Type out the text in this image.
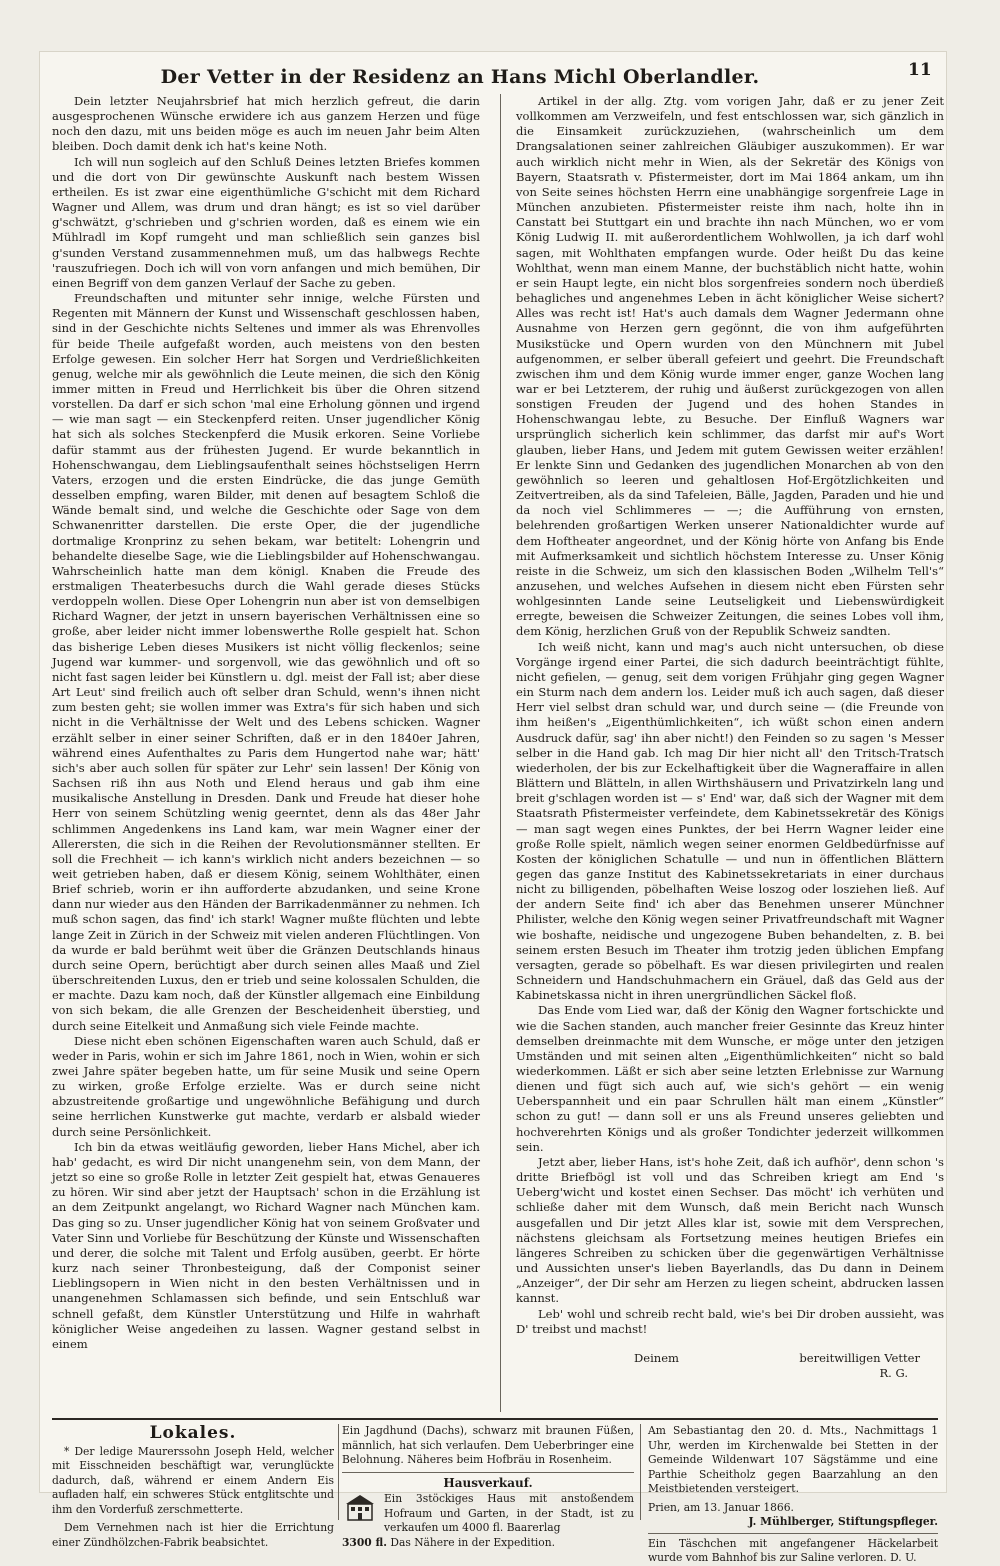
11
Der Vetter in der Residenz an Hans Michl Oberlandler.

Dein letzter Neujahrsbrief hat mich herzlich gefreut, die darin ausgesprochenen Wünsche erwidere ich aus ganzem Herzen und füge noch den dazu, mit uns beiden möge es auch im neuen Jahr beim Alten bleiben. Doch damit denk ich hat's keine Noth.

Ich will nun sogleich auf den Schluß Deines letzten Briefes kommen und die dort von Dir gewünschte Auskunft nach bestem Wissen ertheilen. Es ist zwar eine eigenthümliche G'schicht mit dem Richard Wagner und Allem, was drum und dran hängt; es ist so viel darüber g'schwätzt, g'schrieben und g'schrien worden, daß es einem wie ein Mühlradl im Kopf rumgeht und man schließlich sein ganzes bisl g'sunden Verstand zusammennehmen muß, um das halbwegs Rechte 'rauszufriegen. Doch ich will von vorn anfangen und mich bemühen, Dir einen Begriff von dem ganzen Verlauf der Sache zu geben.

Freundschaften und mitunter sehr innige, welche Fürsten und Regenten mit Männern der Kunst und Wissenschaft geschlossen haben, sind in der Geschichte nichts Seltenes und immer als was Ehrenvolles für beide Theile aufgefaßt worden, auch meistens von den besten Erfolge gewesen. Ein solcher Herr hat Sorgen und Verdrießlichkeiten genug, welche mir als gewöhnlich die Leute meinen, die sich den König immer mitten in Freud und Herrlichkeit bis über die Ohren sitzend vorstellen. Da darf er sich schon 'mal eine Erholung gönnen und irgend — wie man sagt — ein Steckenpferd reiten. Unser jugendlicher König hat sich als solches Steckenpferd die Musik erkoren. Seine Vorliebe dafür stammt aus der frühesten Jugend. Er wurde bekanntlich in Hohenschwangau, dem Lieblingsaufenthalt seines höchstseligen Herrn Vaters, erzogen und die ersten Eindrücke, die das junge Gemüth desselben empfing, waren Bilder, mit denen auf besagtem Schloß die Wände bemalt sind, und welche die Geschichte oder Sage von dem Schwanenritter darstellen. Die erste Oper, die der jugendliche dortmalige Kronprinz zu sehen bekam, war betitelt: Lohengrin und behandelte dieselbe Sage, wie die Lieblingsbilder auf Hohenschwangau. Wahrscheinlich hatte man dem königl. Knaben die Freude des erstmaligen Theaterbesuchs durch die Wahl gerade dieses Stücks verdoppeln wollen. Diese Oper Lohengrin nun aber ist von demselbigen Richard Wagner, der jetzt in unsern bayerischen Verhältnissen eine so große, aber leider nicht immer lobenswerthe Rolle gespielt hat. Schon das bisherige Leben dieses Musikers ist nicht völlig fleckenlos; seine Jugend war kummer- und sorgenvoll, wie das gewöhnlich und oft so nicht fast sagen leider bei Künstlern u. dgl. meist der Fall ist; aber diese Art Leut' sind freilich auch oft selber dran Schuld, wenn's ihnen nicht zum besten geht; sie wollen immer was Extra's für sich haben und sich nicht in die Verhältnisse der Welt und des Lebens schicken. Wagner erzählt selber in einer seiner Schriften, daß er in den 1840er Jahren, während eines Aufenthaltes zu Paris dem Hungertod nahe war; hätt' sich's aber auch sollen für später zur Lehr' sein lassen! Der König von Sachsen riß ihn aus Noth und Elend heraus und gab ihm eine musikalische Anstellung in Dresden. Dank und Freude hat dieser hohe Herr von seinem Schützling wenig geerntet, denn als das 48er Jahr schlimmen Angedenkens ins Land kam, war mein Wagner einer der Allerersten, die sich in die Reihen der Revolutionsmänner stellten. Er soll die Frechheit — ich kann's wirklich nicht anders bezeichnen — so weit getrieben haben, daß er diesem König, seinem Wohlthäter, einen Brief schrieb, worin er ihn aufforderte abzudanken, und seine Krone dann nur wieder aus den Händen der Barrikadenmänner zu nehmen. Ich muß schon sagen, das find' ich stark! Wagner mußte flüchten und lebte lange Zeit in Zürich in der Schweiz mit vielen anderen Flüchtlingen. Von da wurde er bald berühmt weit über die Gränzen Deutschlands hinaus durch seine Opern, berüchtigt aber durch seinen alles Maaß und Ziel überschreitenden Luxus, den er trieb und seine kolossalen Schulden, die er machte. Dazu kam noch, daß der Künstler allgemach eine Einbildung von sich bekam, die alle Grenzen der Bescheidenheit überstieg, und durch seine Eitelkeit und Anmaßung sich viele Feinde machte.

Diese nicht eben schönen Eigenschaften waren auch Schuld, daß er weder in Paris, wohin er sich im Jahre 1861, noch in Wien, wohin er sich zwei Jahre später begeben hatte, um für seine Musik und seine Opern zu wirken, große Erfolge erzielte. Was er durch seine nicht abzustreitende großartige und ungewöhnliche Befähigung und durch seine herrlichen Kunstwerke gut machte, verdarb er alsbald wieder durch seine Persönlichkeit.

Ich bin da etwas weitläufig geworden, lieber Hans Michel, aber ich hab' gedacht, es wird Dir nicht unangenehm sein, von dem Mann, der jetzt so eine so große Rolle in letzter Zeit gespielt hat, etwas Genaueres zu hören. Wir sind aber jetzt der Hauptsach' schon in die Erzählung ist an dem Zeitpunkt angelangt, wo Richard Wagner nach München kam. Das ging so zu. Unser jugendlicher König hat von seinem Großvater und Vater Sinn und Vorliebe für Beschützung der Künste und Wissenschaften und derer, die solche mit Talent und Erfolg ausüben, geerbt. Er hörte kurz nach seiner Thronbesteigung, daß der Componist seiner Lieblingsopern in Wien nicht in den besten Verhältnissen und in unangenehmen Schlamassen sich befinde, und sein Entschluß war schnell gefaßt, dem Künstler Unterstützung und Hilfe in wahrhaft königlicher Weise angedeihen zu lassen. Wagner gestand selbst in einem

Artikel in der allg. Ztg. vom vorigen Jahr, daß er zu jener Zeit vollkommen am Verzweifeln, und fest entschlossen war, sich gänzlich in die Einsamkeit zurückzuziehen, (wahrscheinlich um dem Drangsalationen seiner zahlreichen Gläubiger auszukommen). Er war auch wirklich nicht mehr in Wien, als der Sekretär des Königs von Bayern, Staatsrath v. Pfistermeister, dort im Mai 1864 ankam, um ihn von Seite seines höchsten Herrn eine unabhängige sorgenfreie Lage in München anzubieten. Pfistermeister reiste ihm nach, holte ihn in Canstatt bei Stuttgart ein und brachte ihn nach München, wo er vom König Ludwig II. mit außerordentlichem Wohlwollen, ja ich darf wohl sagen, mit Wohlthaten empfangen wurde. Oder heißt Du das keine Wohlthat, wenn man einem Manne, der buchstäblich nicht hatte, wohin er sein Haupt legte, ein nicht blos sorgenfreies sondern noch überdieß behagliches und angenehmes Leben in ächt königlicher Weise sichert? Alles was recht ist! Hat's auch damals dem Wagner Jedermann ohne Ausnahme von Herzen gern gegönnt, die von ihm aufgeführten Musikstücke und Opern wurden von den Münchnern mit Jubel aufgenommen, er selber überall gefeiert und geehrt. Die Freundschaft zwischen ihm und dem König wurde immer enger, ganze Wochen lang war er bei Letzterem, der ruhig und äußerst zurückgezogen von allen sonstigen Freuden der Jugend und des hohen Standes in Hohenschwangau lebte, zu Besuche. Der Einfluß Wagners war ursprünglich sicherlich kein schlimmer, das darfst mir auf's Wort glauben, lieber Hans, und Jedem mit gutem Gewissen weiter erzählen! Er lenkte Sinn und Gedanken des jugendlichen Monarchen ab von den gewöhnlich so leeren und gehaltlosen Hof-Ergötzlichkeiten und Zeitvertreiben, als da sind Tafeleien, Bälle, Jagden, Paraden und hie und da noch viel Schlimmeres — —; die Aufführung von ernsten, belehrenden großartigen Werken unserer Nationaldichter wurde auf dem Hoftheater angeordnet, und der König hörte von Anfang bis Ende mit Aufmerksamkeit und sichtlich höchstem Interesse zu. Unser König reiste in die Schweiz, um sich den klassischen Boden „Wilhelm Tell's“ anzusehen, und welches Aufsehen in diesem nicht eben Fürsten sehr wohlgesinnten Lande seine Leutseligkeit und Liebenswürdigkeit erregte, beweisen die Schweizer Zeitungen, die seines Lobes voll ihm, dem König, herzlichen Gruß von der Republik Schweiz sandten.

Ich weiß nicht, kann und mag's auch nicht untersuchen, ob diese Vorgänge irgend einer Partei, die sich dadurch beeinträchtigt fühlte, nicht gefielen, — genug, seit dem vorigen Frühjahr ging gegen Wagner ein Sturm nach dem andern los. Leider muß ich auch sagen, daß dieser Herr viel selbst dran schuld war, und durch seine — (die Freunde von ihm heißen's „Eigenthümlichkeiten“, ich wüßt schon einen andern Ausdruck dafür, sag' ihn aber nicht!) den Feinden so zu sagen 's Messer selber in die Hand gab. Ich mag Dir hier nicht all' den Tritsch-Tratsch wiederholen, der bis zur Eckelhaftigkeit über die Wagneraffaire in allen Blättern und Blätteln, in allen Wirthshäusern und Privatzirkeln lang und breit g'schlagen worden ist — s' End' war, daß sich der Wagner mit dem Staatsrath Pfistermeister verfeindete, dem Kabinetssekretär des Königs — man sagt wegen eines Punktes, der bei Herrn Wagner leider eine große Rolle spielt, nämlich wegen seiner enormen Geldbedürfnisse auf Kosten der königlichen Schatulle — und nun in öffentlichen Blättern gegen das ganze Institut des Kabinetssekretariats in einer durchaus nicht zu billigenden, pöbelhaften Weise loszog oder losziehen ließ. Auf der andern Seite find' ich aber das Benehmen unserer Münchner Philister, welche den König wegen seiner Privatfreundschaft mit Wagner wie boshafte, neidische und ungezogene Buben behandelten, z. B. bei seinem ersten Besuch im Theater ihm trotzig jeden üblichen Empfang versagten, gerade so pöbelhaft. Es war diesen privilegirten und realen Schneidern und Handschuhmachern ein Gräuel, daß das Geld aus der Kabinetskassa nicht in ihren unergründlichen Säckel floß.

Das Ende vom Lied war, daß der König den Wagner fortschickte und wie die Sachen standen, auch mancher freier Gesinnte das Kreuz hinter demselben dreinmachte mit dem Wunsche, er möge unter den jetzigen Umständen und mit seinen alten „Eigenthümlichkeiten“ nicht so bald wiederkommen. Läßt er sich aber seine letzten Erlebnisse zur Warnung dienen und fügt sich auch auf, wie sich's gehört — ein wenig Ueberspannheit und ein paar Schrullen hält man einem „Künstler“ schon zu gut! — dann soll er uns als Freund unseres geliebten und hochverehrten Königs und als großer Tondichter jederzeit willkommen sein.

Jetzt aber, lieber Hans, ist's hohe Zeit, daß ich aufhör', denn schon 's dritte Briefbögl ist voll und das Schreiben kriegt am End 's Ueberg'wicht und kostet einen Sechser. Das möcht' ich verhüten und schließe daher mit dem Wunsch, daß mein Bericht nach Wunsch ausgefallen und Dir jetzt Alles klar ist, sowie mit dem Versprechen, nächstens gleichsam als Fortsetzung meines heutigen Briefes ein längeres Schreiben zu schicken über die gegenwärtigen Verhältnisse und Aussichten unser's lieben Bayerlandls, das Du dann in Deinem „Anzeiger“, der Dir sehr am Herzen zu liegen scheint, abdrucken lassen kannst.

Leb' wohl und schreib recht bald, wie's bei Dir droben aussieht, was D' treibst und machst!

Deinem	bereitwilligen Vetter
R. G.
Lokales.
* Der ledige Maurerssohn Joseph Held, welcher mit Eisschneiden beschäftigt war, verunglückte dadurch, daß, während er einem Andern Eis aufladen half, ein schweres Stück entglitschte und ihm den Vorderfuß zerschmetterte.
Dem Vernehmen nach ist hier die Errichtung einer Zündhölzchen-Fabrik beabsichtet.
Ein Jagdhund (Dachs), schwarz mit braunen Füßen, männlich, hat sich verlaufen. Dem Ueberbringer eine Belohnung. Näheres beim Hofbräu in Rosenheim.
Hausverkauf.
Ein 3stöckiges Haus mit anstoßendem Hofraum und Garten, in der Stadt, ist zu verkaufen um 4000 fl. Baarerlag
3300 fl. Das Nähere in der Expedition.
Am Sebastiantag den 20. d. Mts., Nachmittags 1 Uhr, werden im Kirchenwalde bei Stetten in der Gemeinde Wildenwart 107 Sägstämme und eine Parthie Scheitholz gegen Baarzahlung an den Meistbietenden versteigert.
Prien, am 13. Januar 1866.
J. Mühlberger, Stiftungspfleger.
Ein Täschchen mit angefangener Häckelarbeit wurde vom Bahnhof bis zur Saline verloren. D. U.
